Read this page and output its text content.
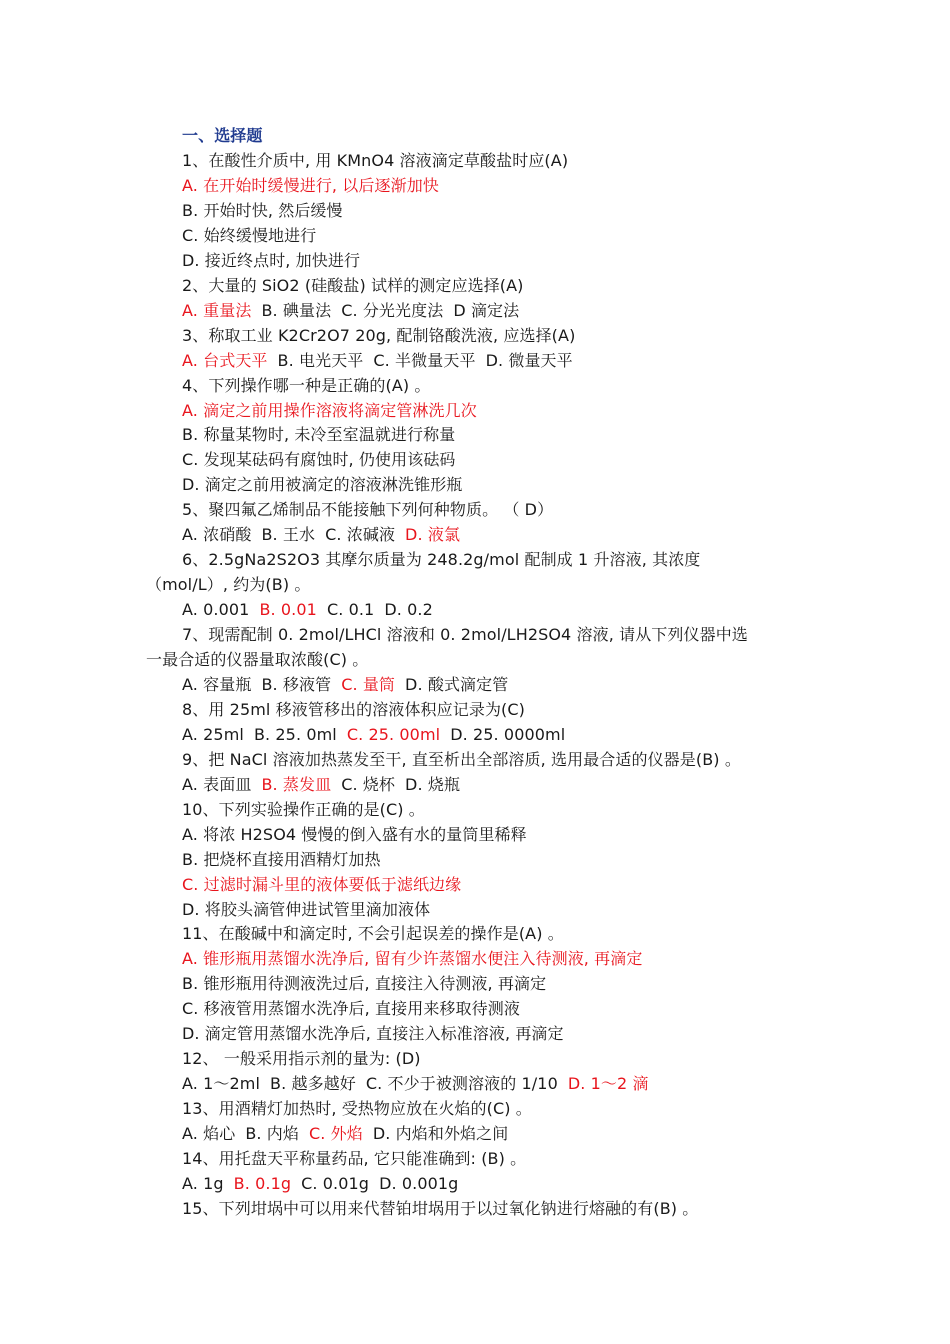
一、选择题
1、在酸性介质中, 用 KMnO4 溶液滴定草酸盐时应(A)
A. 在开始时缓慢进行, 以后逐渐加快
B. 开始时快, 然后缓慢
C. 始终缓慢地进行
D. 接近终点时, 加快进行
2、大量的 SiO2 (硅酸盐) 试样的测定应选择(A)
A. 重量法 B. 碘量法 C. 分光光度法 D 滴定法
3、称取工业 K2Cr2O7 20g, 配制铬酸洗液, 应选择(A)
A. 台式天平 B. 电光天平 C. 半微量天平 D. 微量天平
4、下列操作哪一种是正确的(A) 。
A. 滴定之前用操作溶液将滴定管淋洗几次
B. 称量某物时, 未冷至室温就进行称量
C. 发现某砝码有腐蚀时, 仍使用该砝码
D. 滴定之前用被滴定的溶液淋洗锥形瓶
5、聚四氟乙烯制品不能接触下列何种物质。 （ D）
A. 浓硝酸 B. 王水 C. 浓碱液 D. 液氯
6、2.5gNa2S2O3 其摩尔质量为 248.2g/mol 配制成 1 升溶液, 其浓度
（mol/L）, 约为(B) 。
A. 0.001 B. 0.01 C. 0.1 D. 0.2
7、现需配制 0. 2mol/LHCl 溶液和 0. 2mol/LH2SO4 溶液, 请从下列仪器中选
一最合适的仪器量取浓酸(C) 。
A. 容量瓶 B. 移液管 C. 量筒 D. 酸式滴定管
8、用 25ml 移液管移出的溶液体积应记录为(C)
A. 25ml B. 25. 0ml C. 25. 00ml D. 25. 0000ml
9、把 NaCl 溶液加热蒸发至干, 直至析出全部溶质, 选用最合适的仪器是(B) 。
A. 表面皿 B. 蒸发皿 C. 烧杯 D. 烧瓶
10、下列实验操作正确的是(C) 。
A. 将浓 H2SO4 慢慢的倒入盛有水的量筒里稀释
B. 把烧杯直接用酒精灯加热
C. 过滤时漏斗里的液体要低于滤纸边缘
D. 将胶头滴管伸进试管里滴加液体
11、在酸碱中和滴定时, 不会引起误差的操作是(A) 。
A. 锥形瓶用蒸馏水洗净后, 留有少许蒸馏水便注入待测液, 再滴定
B. 锥形瓶用待测液洗过后, 直接注入待测液, 再滴定
C. 移液管用蒸馏水洗净后, 直接用来移取待测液
D. 滴定管用蒸馏水洗净后, 直接注入标准溶液, 再滴定
12、 一般采用指示剂的量为: (D)
A. 1～2ml B. 越多越好 C. 不少于被测溶液的 1/10 D. 1～2 滴
13、用酒精灯加热时, 受热物应放在火焰的(C) 。
A. 焰心 B. 内焰 C. 外焰 D. 内焰和外焰之间
14、用托盘天平称量药品, 它只能准确到: (B) 。
A. 1g B. 0.1g C. 0.01g D. 0.001g
15、下列坩埚中可以用来代替铂坩埚用于以过氧化钠进行熔融的有(B) 。
